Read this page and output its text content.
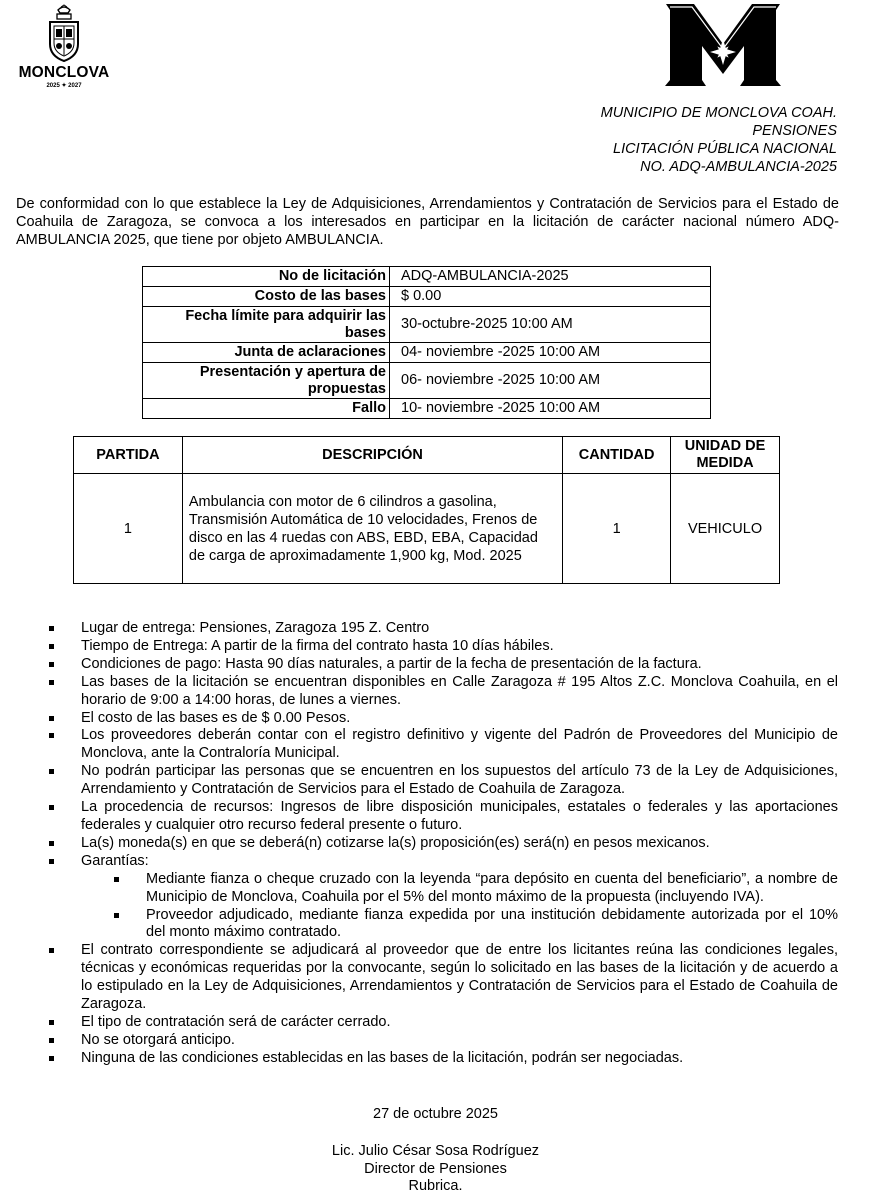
MONCLOVA
2025 ✦ 2027
MUNICIPIO DE MONCLOVA COAH.
PENSIONES
LICITACIÓN PÚBLICA NACIONAL
NO. ADQ-AMBULANCIA-2025

De conformidad con lo que establece la Ley de Adquisiciones, Arrendamientos y Contratación de Servicios para el Estado de Coahuila de Zaragoza, se convoca a los interesados en participar en la licitación de carácter nacional número ADQ-AMBULANCIA 2025, que tiene por objeto AMBULANCIA.

No de licitación	ADQ-AMBULANCIA-2025
Costo de las bases	$ 0.00
Fecha límite para adquirir las bases	30-octubre-2025 10:00 AM
Junta de aclaraciones	04- noviembre -2025 10:00 AM
Presentación y apertura de propuestas	06- noviembre -2025 10:00 AM
Fallo	10- noviembre -2025 10:00 AM
PARTIDA	DESCRIPCIÓN	CANTIDAD	UNIDAD DE MEDIDA
1	Ambulancia con motor de 6 cilindros a gasolina, Transmisión Automática de 10 velocidades, Frenos de disco en las 4 ruedas con ABS, EBD, EBA, Capacidad de carga de aproximadamente 1,900 kg, Mod. 2025	1	VEHICULO
Lugar de entrega: Pensiones, Zaragoza 195 Z. Centro
Tiempo de Entrega: A partir de la firma del contrato hasta 10 días hábiles.
Condiciones de pago: Hasta 90 días naturales, a partir de la fecha de presentación de la factura.
Las bases de la licitación se encuentran disponibles en Calle Zaragoza # 195 Altos Z.C. Monclova Coahuila, en el horario de 9:00 a 14:00 horas, de lunes a viernes.
El costo de las bases es de $ 0.00 Pesos.
Los proveedores deberán contar con el registro definitivo y vigente del Padrón de Proveedores del Municipio de Monclova, ante la Contraloría Municipal.
No podrán participar las personas que se encuentren en los supuestos del artículo 73 de la Ley de Adquisiciones, Arrendamiento y Contratación de Servicios para el Estado de Coahuila de Zaragoza.
La procedencia de recursos: Ingresos de libre disposición municipales, estatales o federales y las aportaciones federales y cualquier otro recurso federal presente o futuro.
La(s) moneda(s) en que se deberá(n) cotizarse la(s) proposición(es) será(n) en pesos mexicanos.
Garantías:
Mediante fianza o cheque cruzado con la leyenda “para depósito en cuenta del beneficiario”, a nombre de Municipio de Monclova, Coahuila por el 5% del monto máximo de la propuesta (incluyendo IVA).
Proveedor adjudicado, mediante fianza expedida por una institución debidamente autorizada por el 10% del monto máximo contratado.
El contrato correspondiente se adjudicará al proveedor que de entre los licitantes reúna las condiciones legales, técnicas y económicas requeridas por la convocante, según lo solicitado en las bases de la licitación y de acuerdo a lo estipulado en la Ley de Adquisiciones, Arrendamientos y Contratación de Servicios para el Estado de Coahuila de Zaragoza.
El tipo de contratación será de carácter cerrado.
No se otorgará anticipo.
Ninguna de las condiciones establecidas en las bases de la licitación, podrán ser negociadas.
27 de octubre 2025
Lic. Julio César Sosa Rodríguez
Director de Pensiones
Rubrica.
